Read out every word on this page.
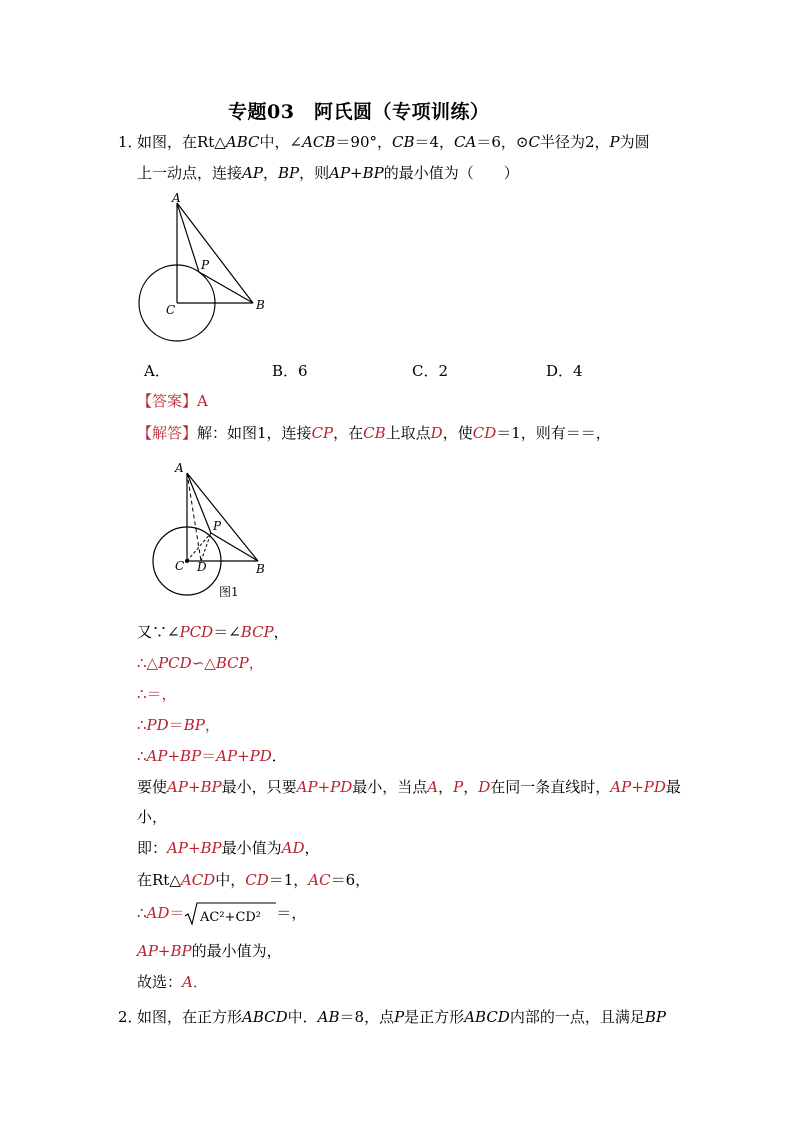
专题03　阿氏圆（专项训练）
1．
如图，在Rt△ABC中，∠ACB＝90°，CB＝4，CA＝6，⊙C半径为2，P为圆
上一动点，连接AP，BP，则AP+BP的最小值为（　　）
A
B
C
P
A．	B．6	C．2	D．4
【答案】A
【解答】解：如图1，连接CP，在CB上取点D，使CD＝1，则有＝＝，
A
B
C D
P
图1
又∵∠PCD＝∠BCP，
∴△PCD∽△BCP，
∴＝，
∴PD＝BP，
∴AP+BP＝AP+PD．
要使AP+BP最小，只要AP+PD最小，当点A，P，D在同一条直线时，AP+PD最
小，
即：AP+BP最小值为AD，
在Rt△ACD中，CD＝1，AC＝6，
∴AD＝ AC²+CD² ＝，
AP+BP的最小值为，
故选：A．
2．
如图，在正方形ABCD中．AB＝8，点P是正方形ABCD内部的一点，且满足BP
